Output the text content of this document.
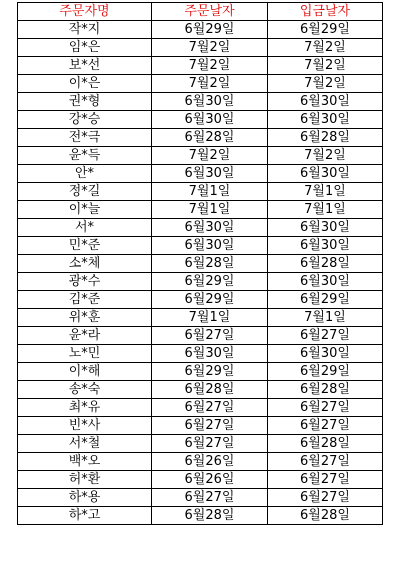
주문자명	주문날자	입금날자
작*지	6월29일	6월29일
임*은	7월2일	7월2일
보*선	7월2일	7월2일
이*은	7월2일	7월2일
권*형	6월30일	6월30일
강*승	6월30일	6월30일
전*극	6월28일	6월28일
윤*득	7월2일	7월2일
안*	6월30일	6월30일
정*길	7월1일	7월1일
이*늘	7월1일	7월1일
서*	6월30일	6월30일
민*준	6월30일	6월30일
소*체	6월28일	6월28일
광*수	6월29일	6월30일
김*준	6월29일	6월29일
위*훈	7월1일	7월1일
윤*라	6월27일	6월27일
노*민	6월30일	6월30일
이*해	6월29일	6월29일
송*숙	6월28일	6월28일
최*유	6월27일	6월27일
빈*사	6월27일	6월27일
서*철	6월27일	6월28일
백*오	6월26일	6월27일
허*환	6월26일	6월27일
하*용	6월27일	6월27일
하*고	6월28일	6월28일
